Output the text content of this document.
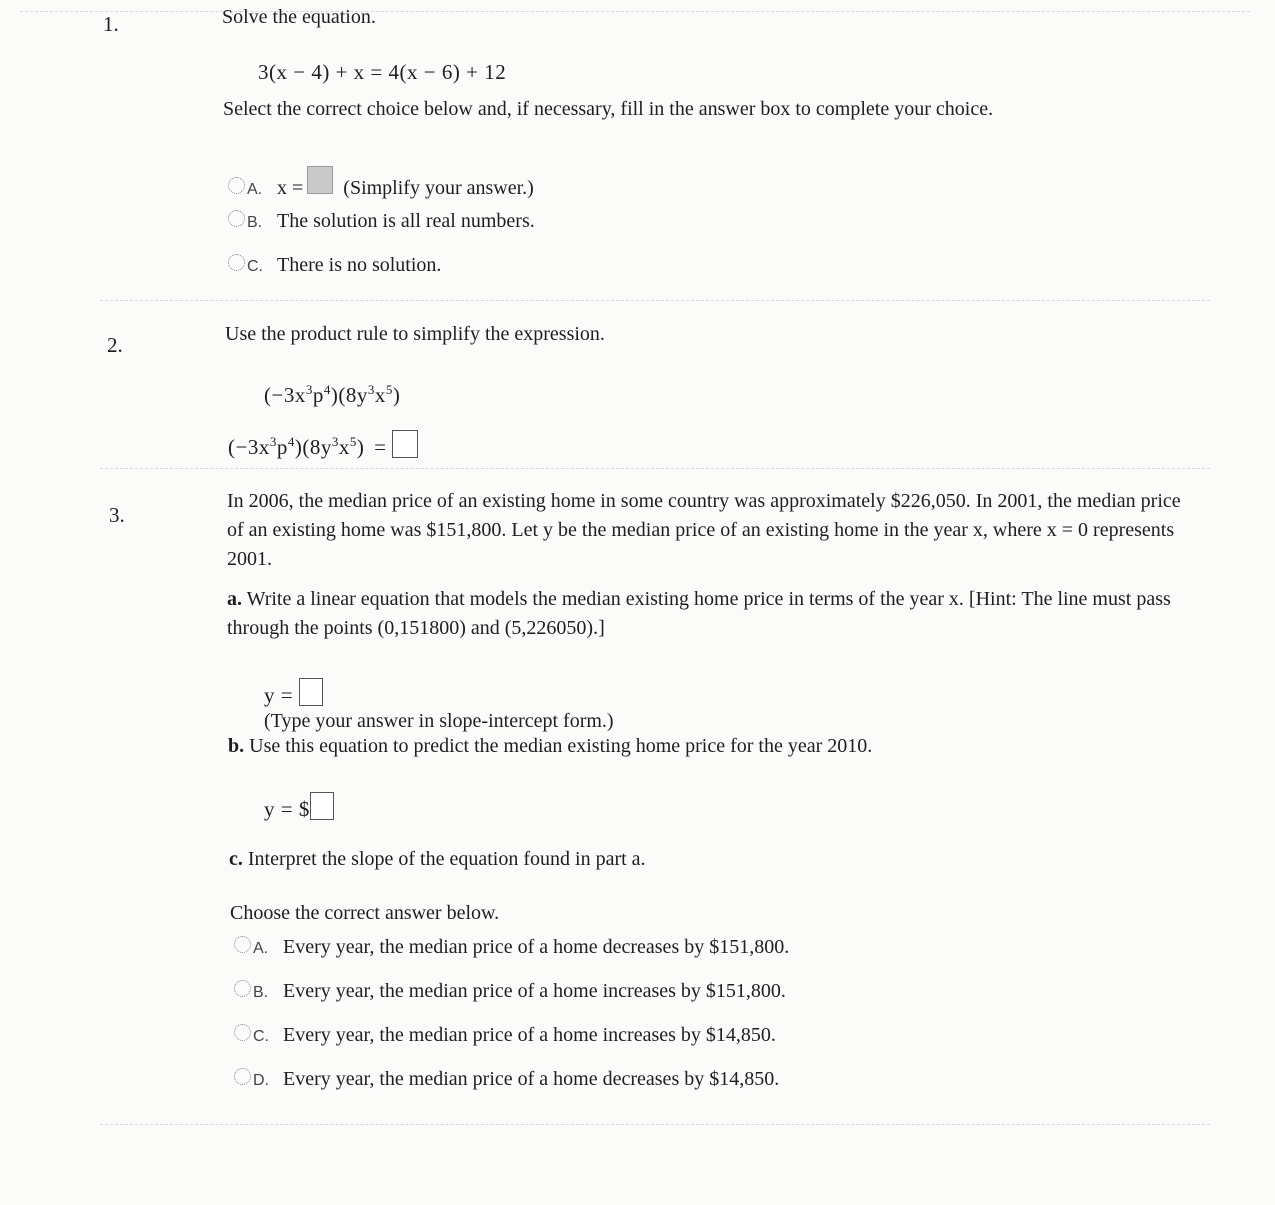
1.	Solve the equation.
3(x − 4) + x = 4(x − 6) + 12
Select the correct choice below and, if necessary, fill in the answer box to complete your choice.
A. x = (Simplify your answer.)
B. The solution is all real numbers.
C. There is no solution.
2.	Use the product rule to simplify the expression.
$(-3x^3p^4)(8y^3x^5)$
$(-3x^3p^4)(8y^3x^5)$ =
3.
In 2006, the median price of an existing home in some country was approximately $226,050. In 2001, the median price of an existing home was $151,800. Let y be the median price of an existing home in the year x, where x = 0 represents 2001.
a. Write a linear equation that models the median existing home price in terms of the year x. [Hint: The line must pass through the points (0,151800) and (5,226050).]
y =
(Type your answer in slope-intercept form.)
b. Use this equation to predict the median existing home price for the year 2010.
y = $
c. Interpret the slope of the equation found in part a.
Choose the correct answer below.
A. Every year, the median price of a home decreases by $151,800.
B. Every year, the median price of a home increases by $151,800.
C. Every year, the median price of a home increases by $14,850.
D. Every year, the median price of a home decreases by $14,850.
